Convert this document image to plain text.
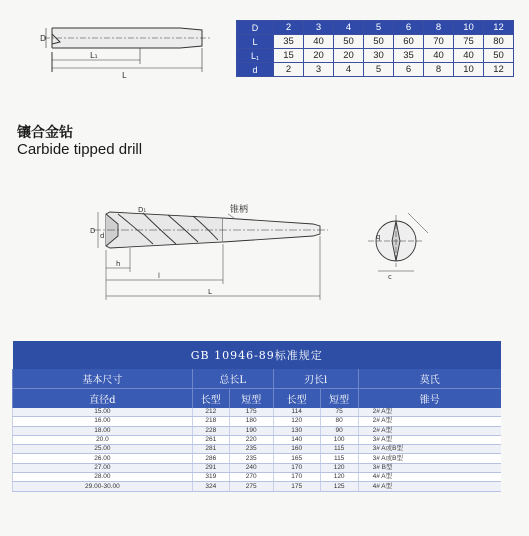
D
L₁
L
D	2	3	4	5	6	8	10	12
L	35	40	50	50	60	70	75	80
L₁	15	20	20	30	35	40	40	50
d	2	3	4	5	6	8	10	12
镶合金钻
Carbide tipped drill
锥柄
D
d
D₁
h
l
L
q
c
GB 10946-89标准规定					
基本尺寸	总长L		刃长l		莫氏
直径d	长型	短型	长型	短型	锥号
15.00	212	175	114	75	2# A型
16.00	218	180	120	80	2# A型
18.00	228	190	130	90	2# A型
20.0	261	220	140	100	3# A型
25.00	281	235	160	115	3# A或B型
26.00	286	235	165	115	3# A或B型
27.00	291	240	170	120	3# B型
28.00	319	270	170	120	4# A型
29.00-30.00	324	275	175	125	4# A型
